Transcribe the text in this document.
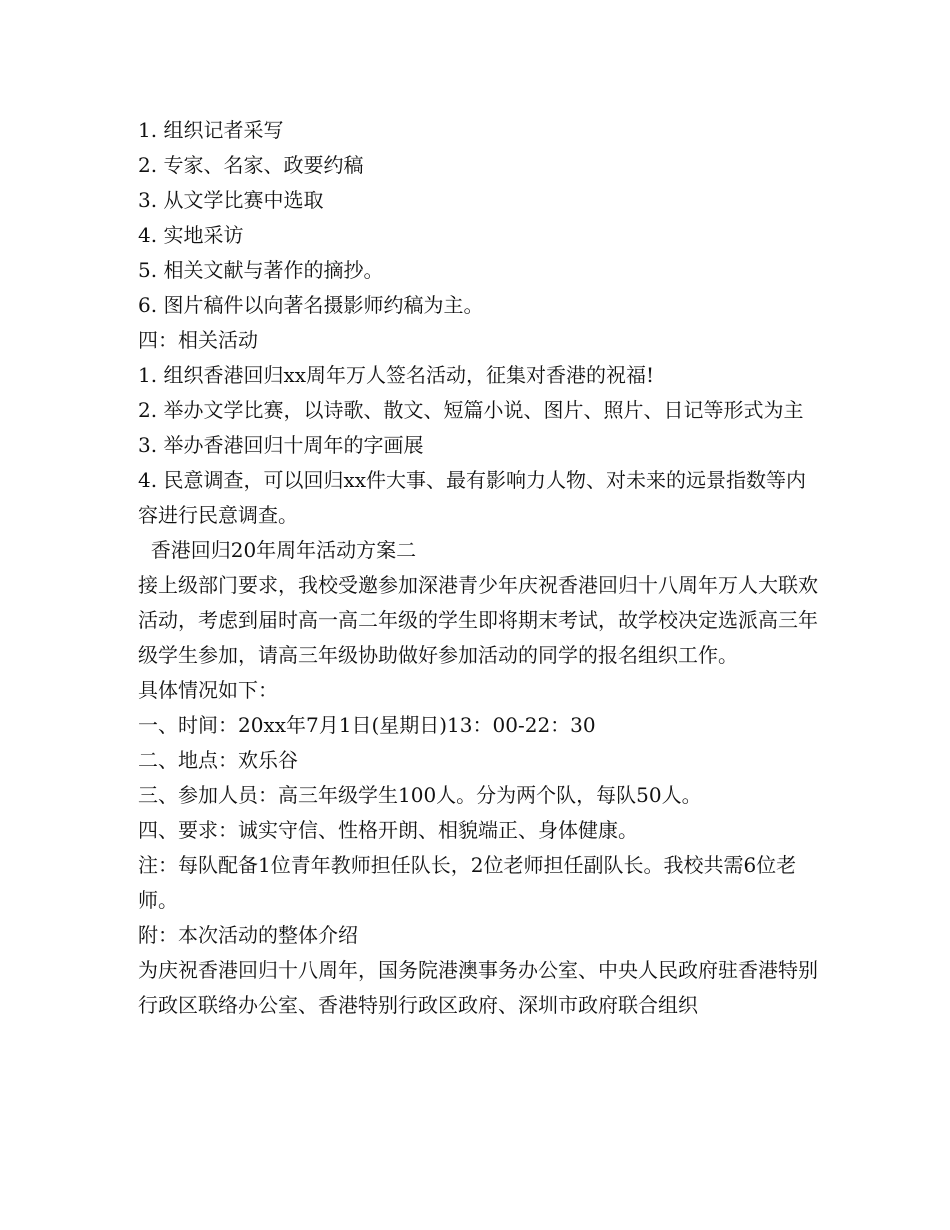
1. 组织记者采写

2. 专家、名家、政要约稿

3. 从文学比赛中选取

4. 实地采访

5. 相关文献与著作的摘抄。

6. 图片稿件以向著名摄影师约稿为主。

四：相关活动

1. 组织香港回归xx周年万人签名活动，征集对香港的祝福!

2. 举办文学比赛，以诗歌、散文、短篇小说、图片、照片、日记等形式为主

3. 举办香港回归十周年的字画展

4. 民意调查，可以回归xx件大事、最有影响力人物、对未来的远景指数等内容进行民意调查。

香港回归20年周年活动方案二

接上级部门要求，我校受邀参加深港青少年庆祝香港回归十八周年万人大联欢活动，考虑到届时高一高二年级的学生即将期末考试，故学校决定选派高三年级学生参加，请高三年级协助做好参加活动的同学的报名组织工作。

具体情况如下：

一、时间：20xx年7月1日(星期日)13：00-22：30

二、地点：欢乐谷

三、参加人员：高三年级学生100人。分为两个队，每队50人。

四、要求：诚实守信、性格开朗、相貌端正、身体健康。

注：每队配备1位青年教师担任队长，2位老师担任副队长。我校共需6位老师。

附：本次活动的整体介绍

为庆祝香港回归十八周年，国务院港澳事务办公室、中央人民政府驻香港特别行政区联络办公室、香港特别行政区政府、深圳市政府联合组织
